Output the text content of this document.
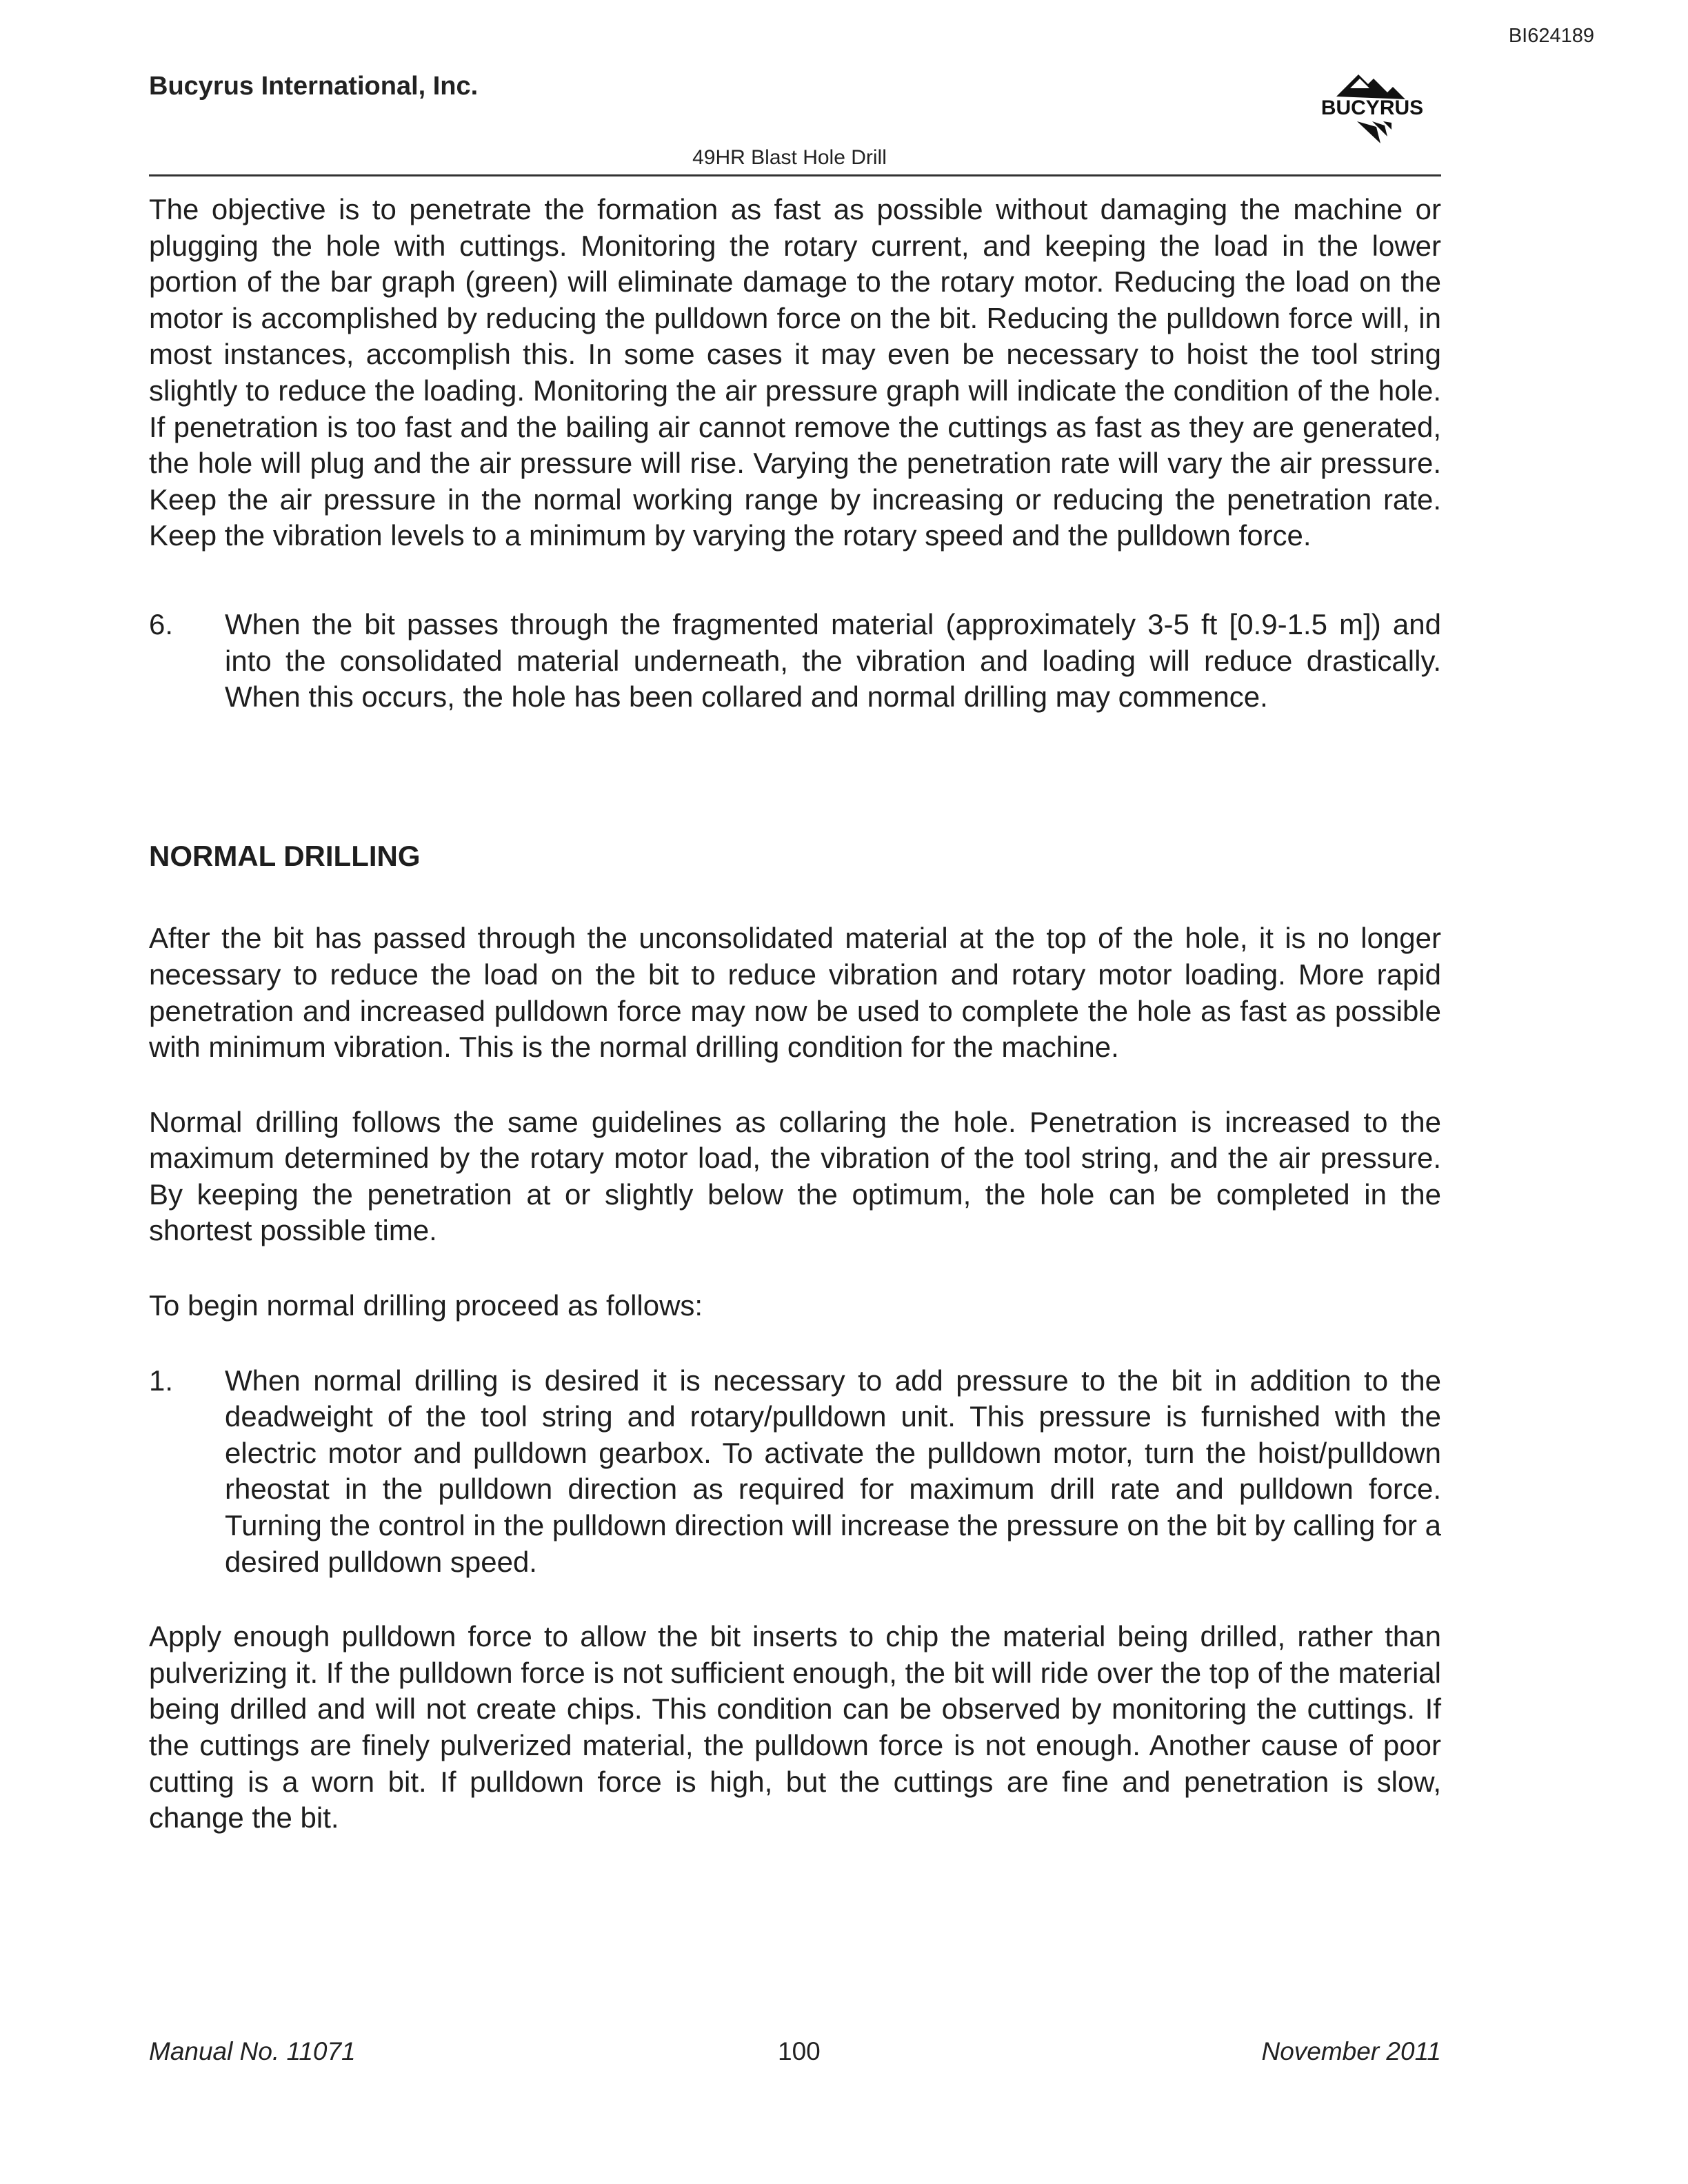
BI624189
Bucyrus International, Inc.
BUCYRUS
49HR Blast Hole Drill

The objective is to penetrate the formation as fast as possible without damaging the machine or plugging the hole with cuttings. Monitoring the rotary current, and keeping the load in the lower portion of the bar graph (green) will eliminate damage to the rotary motor. Reducing the load on the motor is accomplished by reducing the pulldown force on the bit. Reducing the pulldown force will, in most instances, accomplish this. In some cases it may even be necessary to hoist the tool string slightly to reduce the loading. Monitoring the air pressure graph will indicate the condition of the hole. If penetration is too fast and the bailing air cannot remove the cuttings as fast as they are generated, the hole will plug and the air pressure will rise. Varying the penetration rate will vary the air pressure. Keep the air pressure in the normal working range by increasing or reducing the penetration rate. Keep the vibration levels to a minimum by varying the rotary speed and the pulldown force.

6.	When the bit passes through the fragmented material (approximately 3-5 ft [0.9-1.5 m]) and into the consolidated material underneath, the vibration and loading will reduce drastically. When this occurs, the hole has been collared and normal drilling may commence.
NORMAL DRILLING

After the bit has passed through the unconsolidated material at the top of the hole, it is no longer necessary to reduce the load on the bit to reduce vibration and rotary motor loading. More rapid penetration and increased pulldown force may now be used to complete the hole as fast as possible with minimum vibration. This is the normal drilling condition for the machine.

Normal drilling follows the same guidelines as collaring the hole. Penetration is increased to the maximum determined by the rotary motor load, the vibration of the tool string, and the air pressure. By keeping the penetration at or slightly below the optimum, the hole can be completed in the shortest possible time.

To begin normal drilling proceed as follows:

1.	When normal drilling is desired it is necessary to add pressure to the bit in addition to the deadweight of the tool string and rotary/pulldown unit. This pressure is furnished with the electric motor and pulldown gearbox. To activate the pulldown motor, turn the hoist/pulldown rheostat in the pulldown direction as required for maximum drill rate and pulldown force. Turning the control in the pulldown direction will increase the pressure on the bit by calling for a desired pulldown speed.

Apply enough pulldown force to allow the bit inserts to chip the material being drilled, rather than pulverizing it. If the pulldown force is not sufficient enough, the bit will ride over the top of the material being drilled and will not create chips. This condition can be observed by monitoring the cuttings. If the cuttings are finely pulverized material, the pulldown force is not enough. Another cause of poor cutting is a worn bit. If pulldown force is high, but the cuttings are fine and penetration is slow, change the bit.

Manual No. 11071	100	November 2011
